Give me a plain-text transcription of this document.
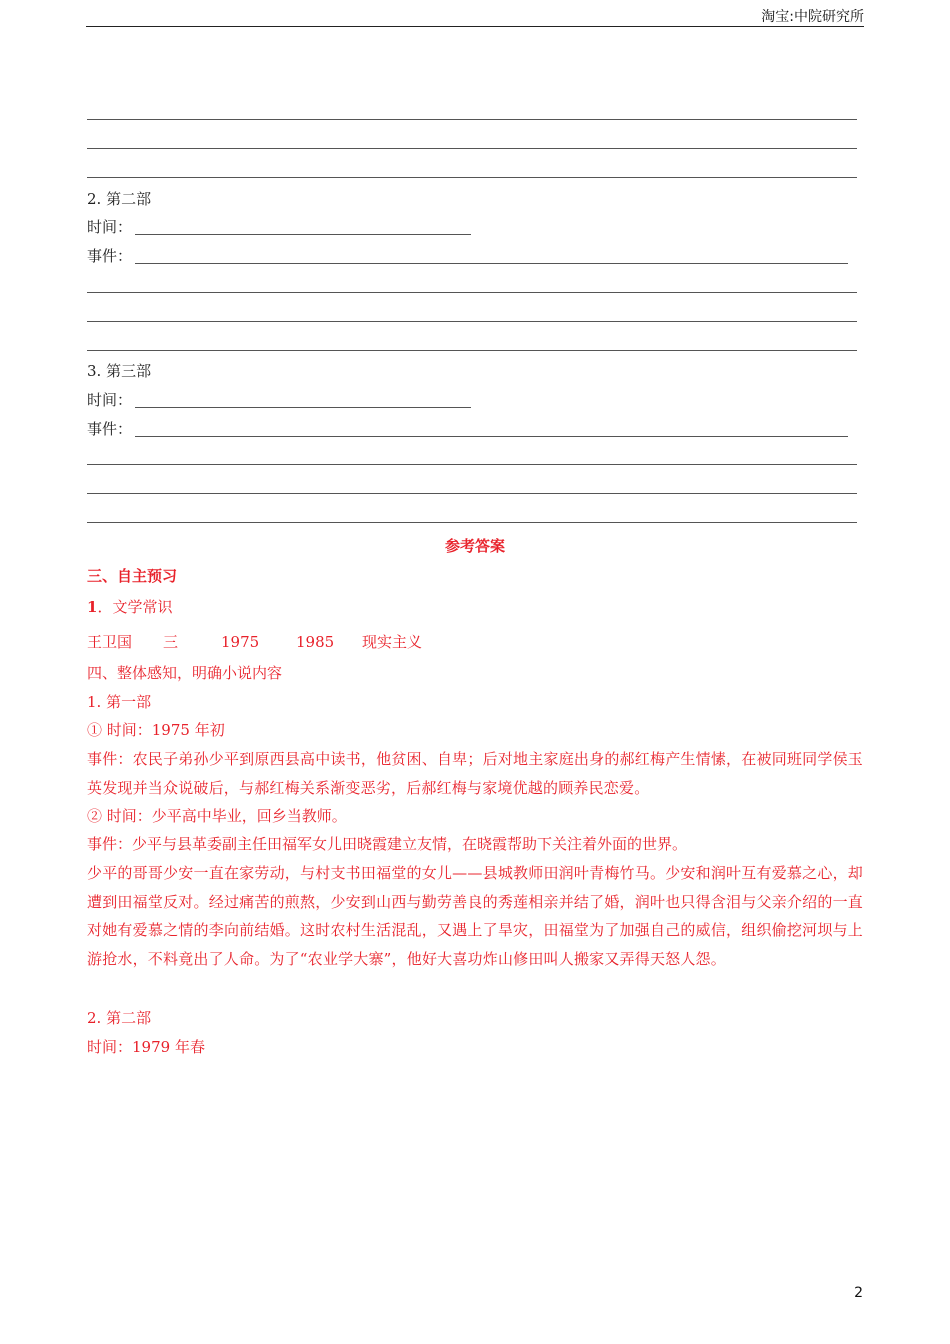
淘宝:中院研究所
2. 第二部
时间：
事件：
3. 第三部
时间：
事件：
参考答案
三、自主预习
1．文学常识
王卫国 三	1975 1985 现实主义
四、整体感知，明确小说内容
1. 第一部
① 时间：1975 年初
事件：农民子弟孙少平到原西县高中读书，他贫困、自卑；后对地主家庭出身的郝红梅产生情愫，在被同班同学侯玉英发现并当众说破后，与郝红梅关系渐变恶劣，后郝红梅与家境优越的顾养民恋爱。
② 时间：少平高中毕业，回乡当教师。
事件：少平与县革委副主任田福军女儿田晓霞建立友情，在晓霞帮助下关注着外面的世界。
少平的哥哥少安一直在家劳动，与村支书田福堂的女儿——县城教师田润叶青梅竹马。少安和润叶互有爱慕之心，却遭到田福堂反对。经过痛苦的煎熬，少安到山西与勤劳善良的秀莲相亲并结了婚，润叶也只得含泪与父亲介绍的一直对她有爱慕之情的李向前结婚。这时农村生活混乱，又遇上了旱灾，田福堂为了加强自己的威信，组织偷挖河坝与上游抢水，不料竟出了人命。为了“农业学大寨”，他好大喜功炸山修田叫人搬家又弄得天怒人怨。
2. 第二部
时间：1979 年春
2
